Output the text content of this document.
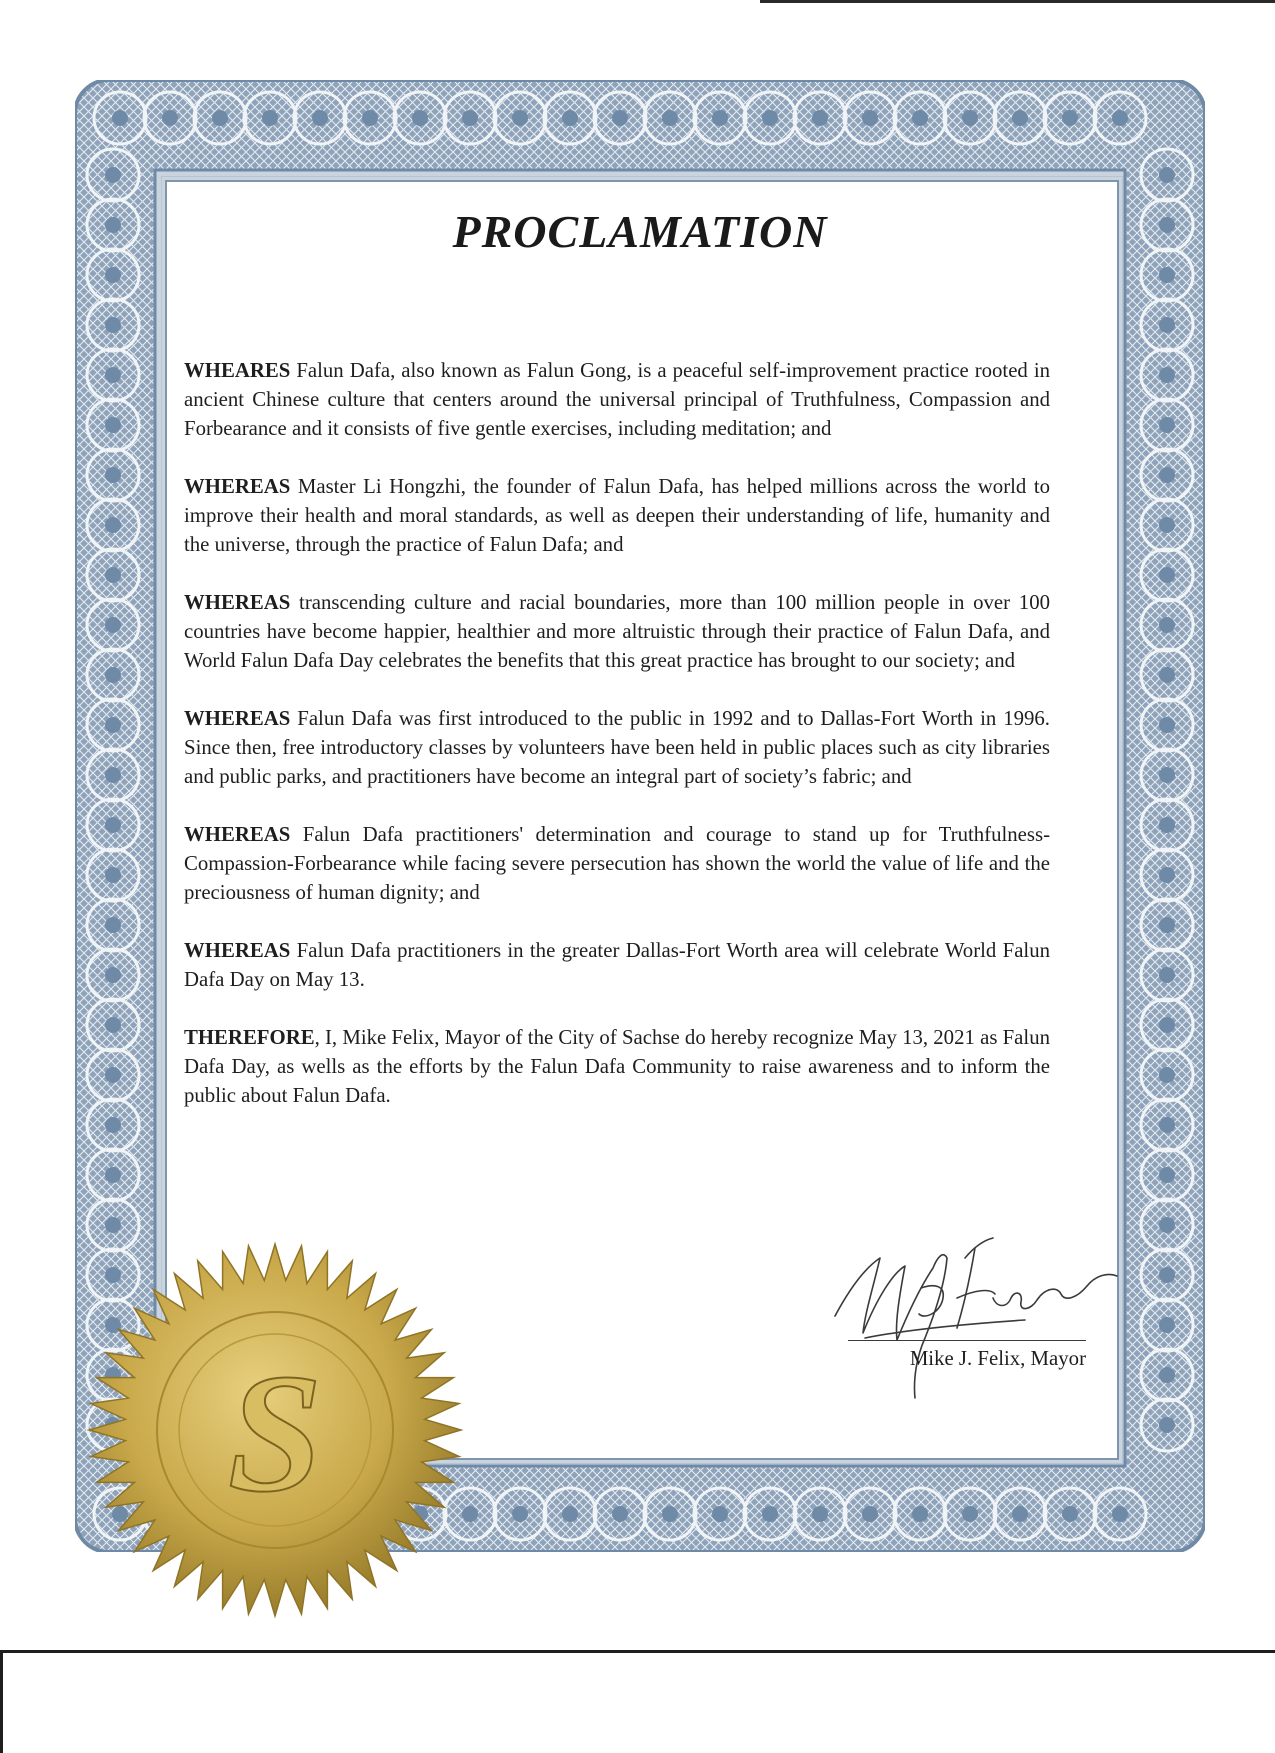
PROCLAMATION

WHEARES Falun Dafa, also known as Falun Gong, is a peaceful self-improvement practice rooted in ancient Chinese culture that centers around the universal principal of Truthfulness, Compassion and Forbearance and it consists of five gentle exercises, including meditation; and

WHEREAS Master Li Hongzhi, the founder of Falun Dafa, has helped millions across the world to improve their health and moral standards, as well as deepen their understanding of life, humanity and the universe, through the practice of Falun Dafa; and

WHEREAS transcending culture and racial boundaries, more than 100 million people in over 100 countries have become happier, healthier and more altruistic through their practice of Falun Dafa, and World Falun Dafa Day celebrates the benefits that this great practice has brought to our society; and

WHEREAS Falun Dafa was first introduced to the public in 1992 and to Dallas-Fort Worth in 1996. Since then, free introductory classes by volunteers have been held in public places such as city libraries and public parks, and practitioners have become an integral part of society’s fabric; and

WHEREAS Falun Dafa practitioners' determination and courage to stand up for Truthfulness-Compassion-Forbearance while facing severe persecution has shown the world the value of life and the preciousness of human dignity; and

WHEREAS Falun Dafa practitioners in the greater Dallas-Fort Worth area will celebrate World Falun Dafa Day on May 13.

THEREFORE, I, Mike Felix, Mayor of the City of Sachse do hereby recognize May 13, 2021 as Falun Dafa Day, as wells as the efforts by the Falun Dafa Community to raise awareness and to inform the public about Falun Dafa.

Mike J. Felix, Mayor
S
